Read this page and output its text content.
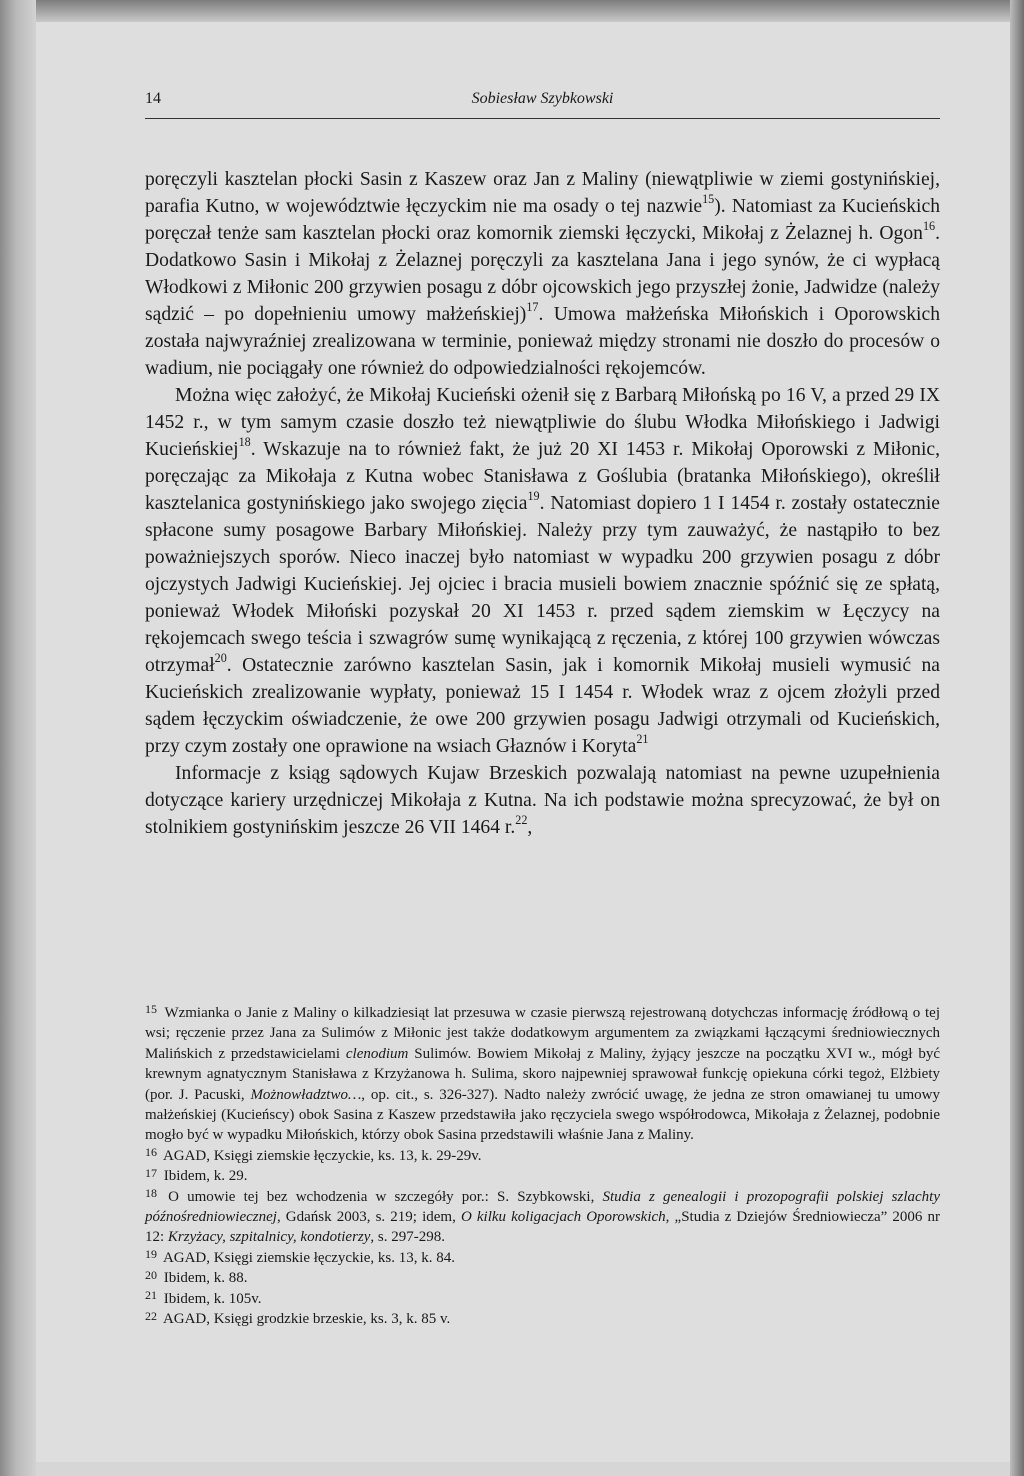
14	Sobiesław Szybkowski

poręczyli kasztelan płocki Sasin z Kaszew oraz Jan z Maliny (niewątpliwie w ziemi gostynińskiej, parafia Kutno, w województwie łęczyckim nie ma osady o tej nazwie$^{15}$). Natomiast za Kucieńskich poręczał tenże sam kasztelan płocki oraz komornik ziemski łęczycki, Mikołaj z Żelaznej h. Ogon$^{16}$. Dodatkowo Sasin i Mikołaj z Żelaznej poręczyli za kasztelana Jana i jego synów, że ci wypłacą Włodkowi z Miłonic 200 grzywien posagu z dóbr ojcowskich jego przyszłej żonie, Jadwidze (należy sądzić – po dopełnieniu umowy małżeńskiej)$^{17}$. Umowa małżeńska Miłońskich i Oporowskich została najwyraźniej zrealizowana w terminie, ponieważ między stronami nie doszło do procesów o wadium, nie pociągały one również do odpowiedzialności rękojemców.

Można więc założyć, że Mikołaj Kucieński ożenił się z Barbarą Miłońską po 16 V, a przed 29 IX 1452 r., w tym samym czasie doszło też niewątpliwie do ślubu Włodka Miłońskiego i Jadwigi Kucieńskiej$^{18}$. Wskazuje na to również fakt, że już 20 XI 1453 r. Mikołaj Oporowski z Miłonic, poręczając za Mikołaja z Kutna wobec Stanisława z Goślubia (bratanka Miłońskiego), określił kasztelanica gostynińskiego jako swojego zięcia$^{19}$. Natomiast dopiero 1 I 1454 r. zostały ostatecznie spłacone sumy posagowe Barbary Miłońskiej. Należy przy tym zauważyć, że nastąpiło to bez poważniejszych sporów. Nieco inaczej było natomiast w wypadku 200 grzywien posagu z dóbr ojczystych Jadwigi Kucieńskiej. Jej ojciec i bracia musieli bowiem znacznie spóźnić się ze spłatą, ponieważ Włodek Miłoński pozyskał 20 XI 1453 r. przed sądem ziemskim w Łęczycy na rękojemcach swego teścia i szwagrów sumę wynikającą z ręczenia, z której 100 grzywien wówczas otrzymał$^{20}$. Ostatecznie zarówno kasztelan Sasin, jak i komornik Mikołaj musieli wymusić na Kucieńskich zrealizowanie wypłaty, ponieważ 15 I 1454 r. Włodek wraz z ojcem złożyli przed sądem łęczyckim oświadczenie, że owe 200 grzywien posagu Jadwigi otrzymali od Kucieńskich, przy czym zostały one oprawione na wsiach Głaznów i Koryta$^{21}$

Informacje z ksiąg sądowych Kujaw Brzeskich pozwalają natomiast na pewne uzupełnienia dotyczące kariery urzędniczej Mikołaja z Kutna. Na ich podstawie można sprecyzować, że był on stolnikiem gostynińskim jeszcze 26 VII 1464 r.$^{22}$,

$^{15}$ Wzmianka o Janie z Maliny o kilkadziesiąt lat przesuwa w czasie pierwszą rejestrowaną dotychczas informację źródłową o tej wsi; ręczenie przez Jana za Sulimów z Miłonic jest także dodatkowym argumentem za związkami łączącymi średniowiecznych Malińskich z przedstawicielami clenodium Sulimów. Bowiem Mikołaj z Maliny, żyjący jeszcze na początku XVI w., mógł być krewnym agnatycznym Stanisława z Krzyżanowa h. Sulima, skoro najpewniej sprawował funkcję opiekuna córki tegoż, Elżbiety (por. J. Pacuski, Możnowładztwo…, op. cit., s. 326-327). Nadto należy zwrócić uwagę, że jedna ze stron omawianej tu umowy małżeńskiej (Kucieńscy) obok Sasina z Kaszew przedstawiła jako ręczyciela swego współrodowca, Mikołaja z Żelaznej, podobnie mogło być w wypadku Miłońskich, którzy obok Sasina przedstawili właśnie Jana z Maliny.

$^{16}$ AGAD, Księgi ziemskie łęczyckie, ks. 13, k. 29-29v.

$^{17}$ Ibidem, k. 29.

$^{18}$ O umowie tej bez wchodzenia w szczegóły por.: S. Szybkowski, Studia z genealogii i prozopografii polskiej szlachty późnośredniowiecznej, Gdańsk 2003, s. 219; idem, O kilku koligacjach Oporowskich, „Studia z Dziejów Średniowiecza” 2006 nr 12: Krzyżacy, szpitalnicy, kondotierzy, s. 297-298.

$^{19}$ AGAD, Księgi ziemskie łęczyckie, ks. 13, k. 84.

$^{20}$ Ibidem, k. 88.

$^{21}$ Ibidem, k. 105v.

$^{22}$ AGAD, Księgi grodzkie brzeskie, ks. 3, k. 85 v.
